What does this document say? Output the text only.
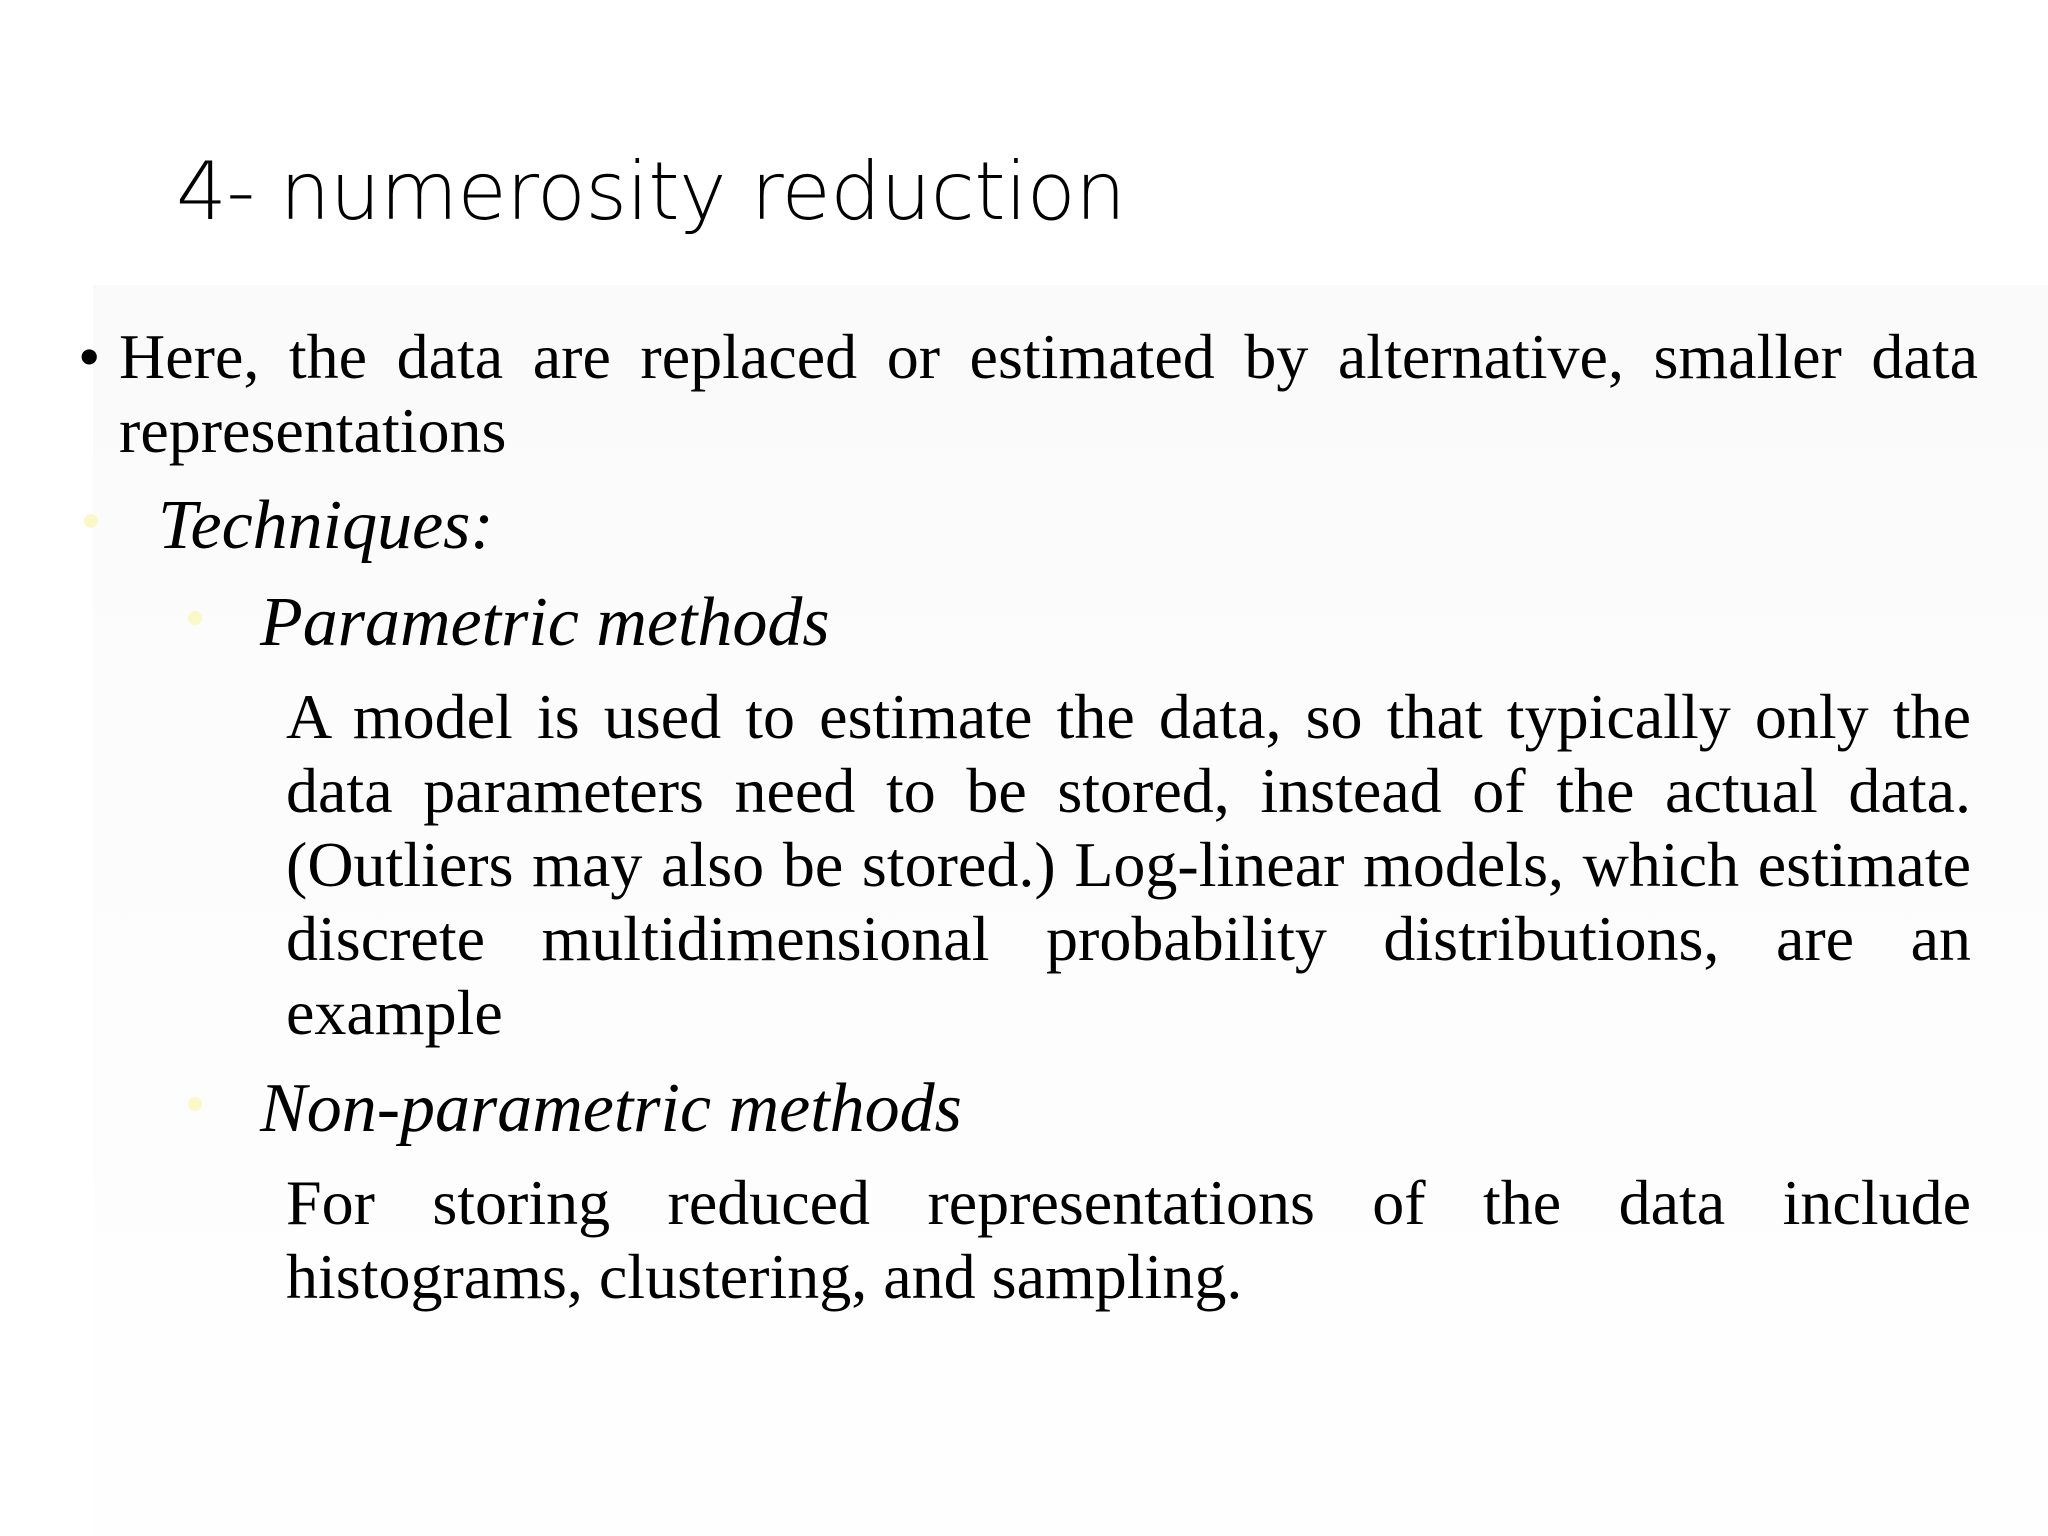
4- numerosity reduction
• Here, the data are replaced or estimated by alternative, smaller data representations
Techniques:
Parametric methods
A model is used to estimate the data, so that typically only the data parameters need to be stored, instead of the actual data. (Outliers may also be stored.) Log-linear models, which estimate discrete multidimensional probability distributions, are an example
Non-parametric methods
For storing reduced representations of the data include histograms, clustering, and sampling.
